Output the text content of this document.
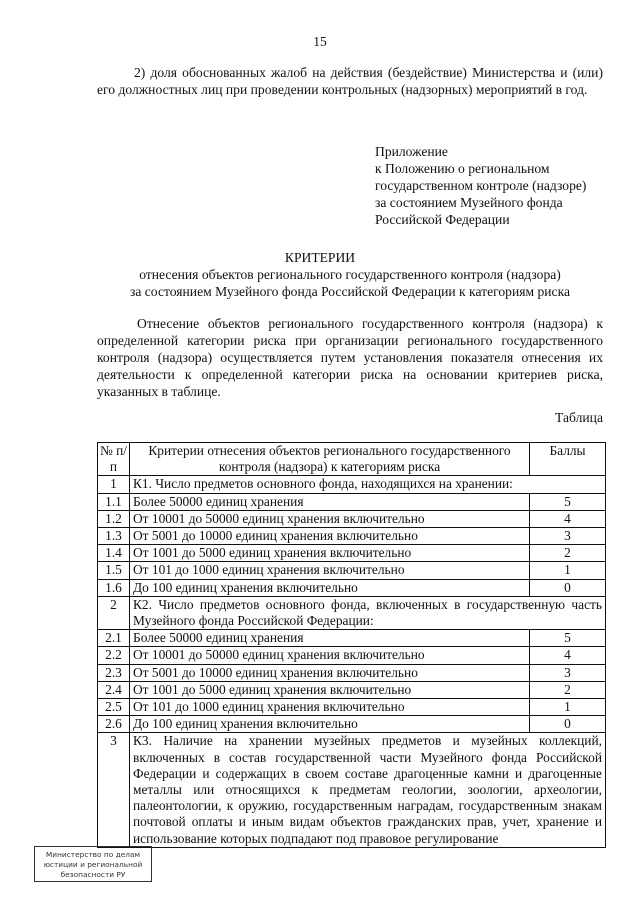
15

2) доля обоснованных жалоб на действия (бездействие) Министерства и (или) его должностных лиц при проведении контрольных (надзорных) мероприятий в год.

Приложение
к Положению о региональном
государственном контроле (надзоре)
за состоянием Музейного фонда
Российской Федерации
КРИТЕРИИ
отнесения объектов регионального государственного контроля (надзора)
за состоянием Музейного фонда Российской Федерации к категориям риска

Отнесение объектов регионального государственного контроля (надзора) к определенной категории риска при организации регионального государственного контроля (надзора) осуществляется путем установления показателя отнесения их деятельности к определенной категории риска на основании критериев риска, указанных в таблице.

Таблица
№ п/п	Критерии отнесения объектов регионального государственного контроля (надзора) к категориям риска	Баллы
1	К1. Число предметов основного фонда, находящихся на хранении:	
1.1	Более 50000 единиц хранения	5
1.2	От 10001 до 50000 единиц хранения включительно	4
1.3	От 5001 до 10000 единиц хранения включительно	3
1.4	От 1001 до 5000 единиц хранения включительно	2
1.5	От 101 до 1000 единиц хранения включительно	1
1.6	До 100 единиц хранения включительно	0
2	К2. Число предметов основного фонда, включенных в государственную часть Музейного фонда Российской Федерации:	
2.1	Более 50000 единиц хранения	5
2.2	От 10001 до 50000 единиц хранения включительно	4
2.3	От 5001 до 10000 единиц хранения включительно	3
2.4	От 1001 до 5000 единиц хранения включительно	2
2.5	От 101 до 1000 единиц хранения включительно	1
2.6	До 100 единиц хранения включительно	0
3	К3. Наличие на хранении музейных предметов и музейных коллекций, включенных в состав государственной части Музейного фонда Российской Федерации и содержащих в своем составе драгоценные камни и драгоценные металлы или относящихся к предметам геологии, зоологии, археологии, палеонтологии, к оружию, государственным наградам, государственным знакам почтовой оплаты и иным видам объектов гражданских прав, учет, хранение и использование которых подпадают под правовое регулирование	
Министерство по делам
юстиции и региональной
безопасности РУ
